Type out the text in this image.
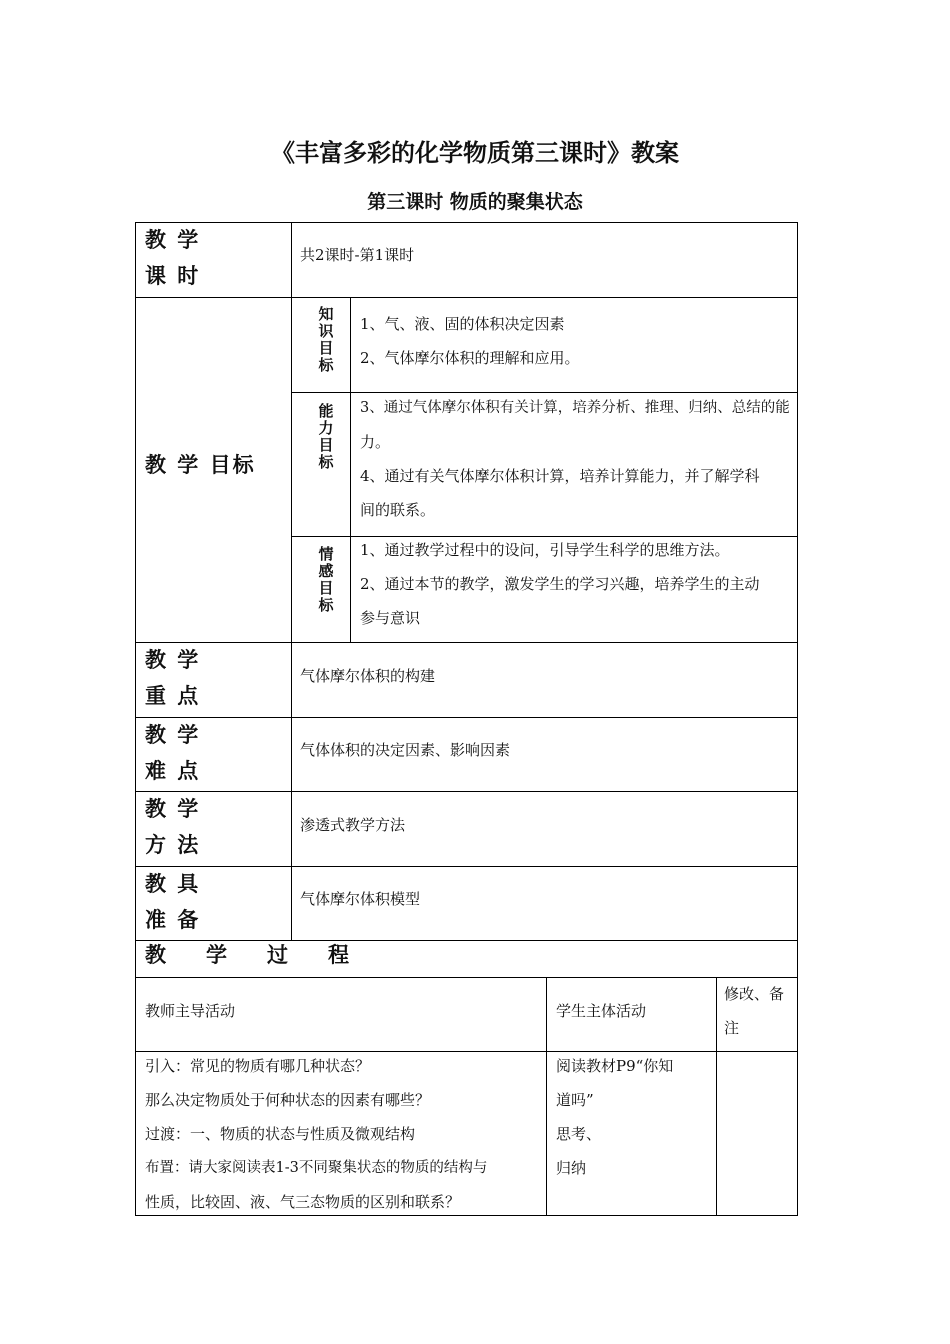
《丰富多彩的化学物质第三课时》教案
第三课时 物质的聚集状态
教 学
课 时
共2课时-第1课时
教 学 目标
知
识
目
标
1、气、液、固的体积决定因素
2、气体摩尔体积的理解和应用。
能
力
目
标
3、通过气体摩尔体积有关计算，培养分析、推理、归纳、总结的能
力。
4、通过有关气体摩尔体积计算，培养计算能力，并了解学科
间的联系。
情
感
目
标
1、通过教学过程中的设问，引导学生科学的思维方法。
2、通过本节的教学，激发学生的学习兴趣，培养学生的主动
参与意识
教 学
重 点
气体摩尔体积的构建
教 学
难 点
气体体积的决定因素、影响因素
教 学
方 法
渗透式教学方法
教 具
准 备
气体摩尔体积模型
教 学 过 程
教师主导活动	学生主体活动
修改、备
注
引入：常见的物质有哪几种状态？
那么决定物质处于何种状态的因素有哪些？
过渡：一、物质的状态与性质及微观结构
布置：请大家阅读表1-3不同聚集状态的物质的结构与
性质，比较固、液、气三态物质的区别和联系？
阅读教材P9“你知
道吗”
思考、
归纳
